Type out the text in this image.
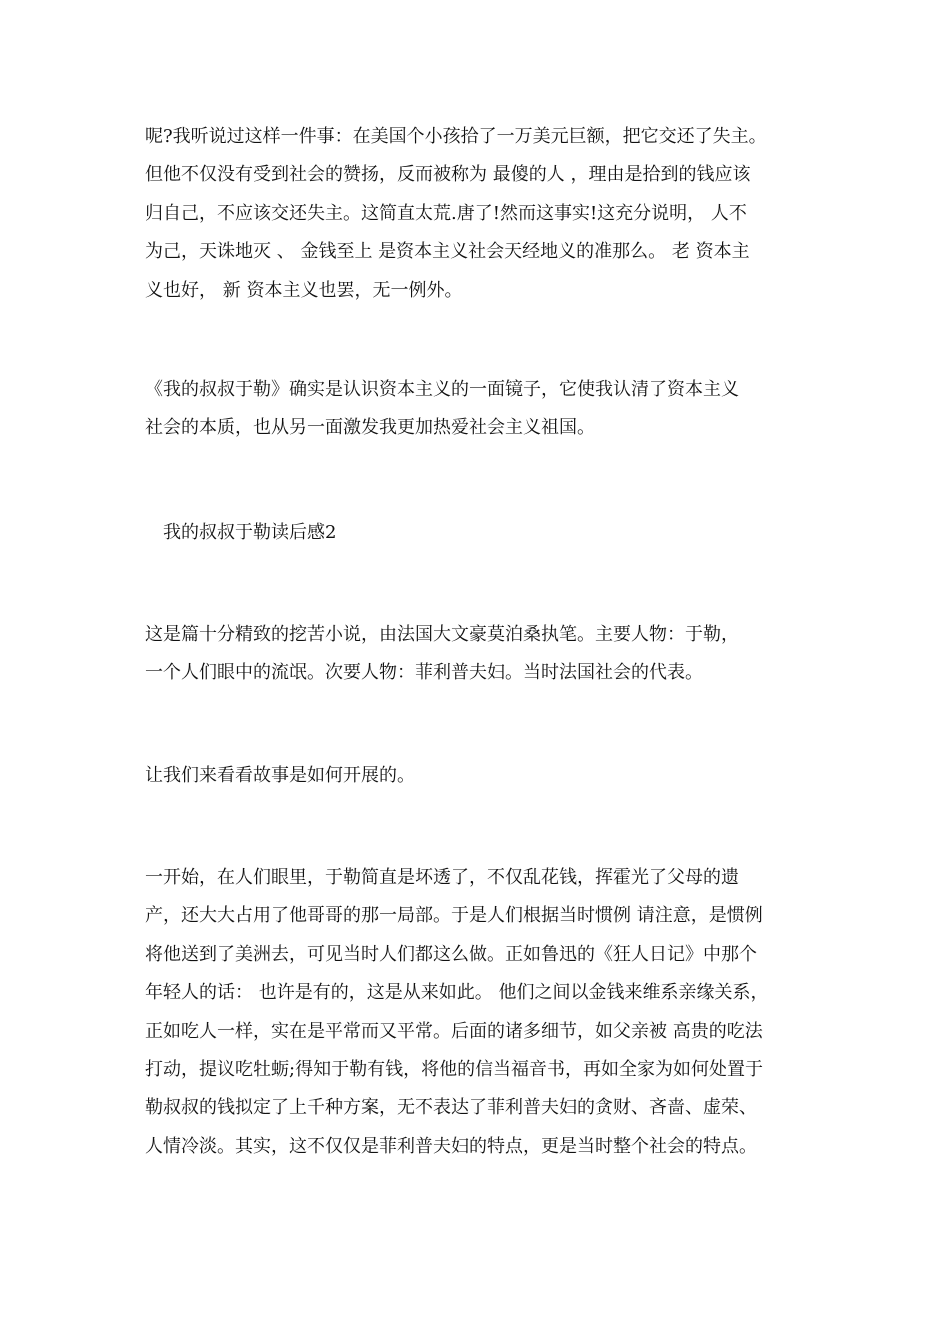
呢?我听说过这样一件事：在美国个小孩拾了一万美元巨额，把它交还了失主。
但他不仅没有受到社会的赞扬，反而被称为 最傻的人 ，理由是拾到的钱应该
归自己，不应该交还失主。这简直太荒.唐了!然而这事实!这充分说明， 人不
为己，天诛地灭 、 金钱至上 是资本主义社会天经地义的准那么。 老 资本主
义也好， 新 资本主义也罢，无一例外。

《我的叔叔于勒》确实是认识资本主义的一面镜子，它使我认清了资本主义
社会的本质，也从另一面激发我更加热爱社会主义祖国。

我的叔叔于勒读后感2

这是篇十分精致的挖苦小说，由法国大文豪莫泊桑执笔。主要人物：于勒，
一个人们眼中的流氓。次要人物：菲利普夫妇。当时法国社会的代表。

让我们来看看故事是如何开展的。

一开始，在人们眼里，于勒简直是坏透了，不仅乱花钱，挥霍光了父母的遗
产，还大大占用了他哥哥的那一局部。于是人们根据当时惯例 请注意，是惯例
将他送到了美洲去，可见当时人们都这么做。正如鲁迅的《狂人日记》中那个
年轻人的话： 也许是有的，这是从来如此。 他们之间以金钱来维系亲缘关系，
正如吃人一样，实在是平常而又平常。后面的诸多细节，如父亲被 高贵的吃法
打动，提议吃牡蛎;得知于勒有钱，将他的信当福音书，再如全家为如何处置于
勒叔叔的钱拟定了上千种方案，无不表达了菲利普夫妇的贪财、吝啬、虚荣、
人情冷淡。其实，这不仅仅是菲利普夫妇的特点，更是当时整个社会的特点。
